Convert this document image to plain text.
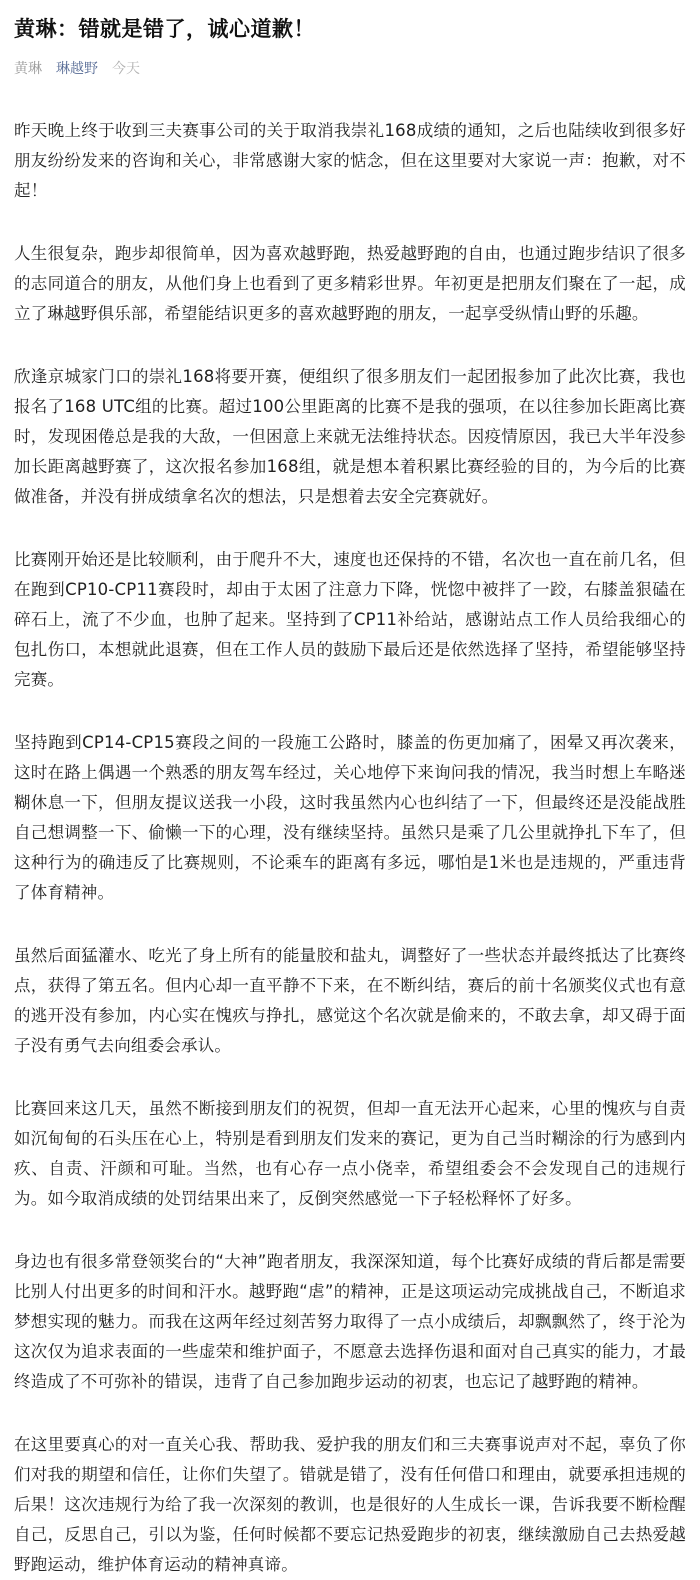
黄琳：错就是错了，诚心道歉！
黄琳 琳越野 今天

昨天晚上终于收到三夫赛事公司的关于取消我崇礼168成绩的通知，之后也陆续收到很多好朋友纷纷发来的咨询和关心，非常感谢大家的惦念，但在这里要对大家说一声：抱歉，对不起！

人生很复杂，跑步却很简单，因为喜欢越野跑，热爱越野跑的自由，也通过跑步结识了很多的志同道合的朋友，从他们身上也看到了更多精彩世界。年初更是把朋友们聚在了一起，成立了琳越野俱乐部，希望能结识更多的喜欢越野跑的朋友，一起享受纵情山野的乐趣。

欣逢京城家门口的崇礼168将要开赛，便组织了很多朋友们一起团报参加了此次比赛，我也报名了168 UTC组的比赛。超过100公里距离的比赛不是我的强项，在以往参加长距离比赛时，发现困倦总是我的大敌，一但困意上来就无法维持状态。因疫情原因，我已大半年没参加长距离越野赛了，这次报名参加168组，就是想本着积累比赛经验的目的，为今后的比赛做准备，并没有拼成绩拿名次的想法，只是想着去安全完赛就好。

比赛刚开始还是比较顺利，由于爬升不大，速度也还保持的不错，名次也一直在前几名，但在跑到CP10-CP11赛段时，却由于太困了注意力下降，恍惚中被拌了一跤，右膝盖狠磕在碎石上，流了不少血，也肿了起来。坚持到了CP11补给站，感谢站点工作人员给我细心的包扎伤口，本想就此退赛，但在工作人员的鼓励下最后还是依然选择了坚持，希望能够坚持完赛。

坚持跑到CP14-CP15赛段之间的一段施工公路时，膝盖的伤更加痛了，困晕又再次袭来，这时在路上偶遇一个熟悉的朋友驾车经过，关心地停下来询问我的情况，我当时想上车略迷糊休息一下，但朋友提议送我一小段，这时我虽然内心也纠结了一下，但最终还是没能战胜自己想调整一下、偷懒一下的心理，没有继续坚持。虽然只是乘了几公里就挣扎下车了，但这种行为的确违反了比赛规则，不论乘车的距离有多远，哪怕是1米也是违规的，严重违背了体育精神。

虽然后面猛灌水、吃光了身上所有的能量胶和盐丸，调整好了一些状态并最终抵达了比赛终点，获得了第五名。但内心却一直平静不下来，在不断纠结，赛后的前十名颁奖仪式也有意的逃开没有参加，内心实在愧疚与挣扎，感觉这个名次就是偷来的，不敢去拿，却又碍于面子没有勇气去向组委会承认。

比赛回来这几天，虽然不断接到朋友们的祝贺，但却一直无法开心起来，心里的愧疚与自责如沉甸甸的石头压在心上，特别是看到朋友们发来的赛记，更为自己当时糊涂的行为感到内疚、自责、汗颜和可耻。当然，也有心存一点小侥幸，希望组委会不会发现自己的违规行为。如今取消成绩的处罚结果出来了，反倒突然感觉一下子轻松释怀了好多。

身边也有很多常登领奖台的“大神”跑者朋友，我深深知道，每个比赛好成绩的背后都是需要比别人付出更多的时间和汗水。越野跑“虐”的精神，正是这项运动完成挑战自己，不断追求梦想实现的魅力。而我在这两年经过刻苦努力取得了一点小成绩后，却飘飘然了，终于沦为这次仅为追求表面的一些虚荣和维护面子，不愿意去选择伤退和面对自己真实的能力，才最终造成了不可弥补的错误，违背了自己参加跑步运动的初衷，也忘记了越野跑的精神。

在这里要真心的对一直关心我、帮助我、爱护我的朋友们和三夫赛事说声对不起，辜负了你们对我的期望和信任，让你们失望了。错就是错了，没有任何借口和理由，就要承担违规的后果！这次违规行为给了我一次深刻的教训，也是很好的人生成长一课，告诉我要不断检醒自己，反思自己，引以为鉴，任何时候都不要忘记热爱跑步的初衷，继续激励自己去热爱越野跑运动，维护体育运动的精神真谛。
